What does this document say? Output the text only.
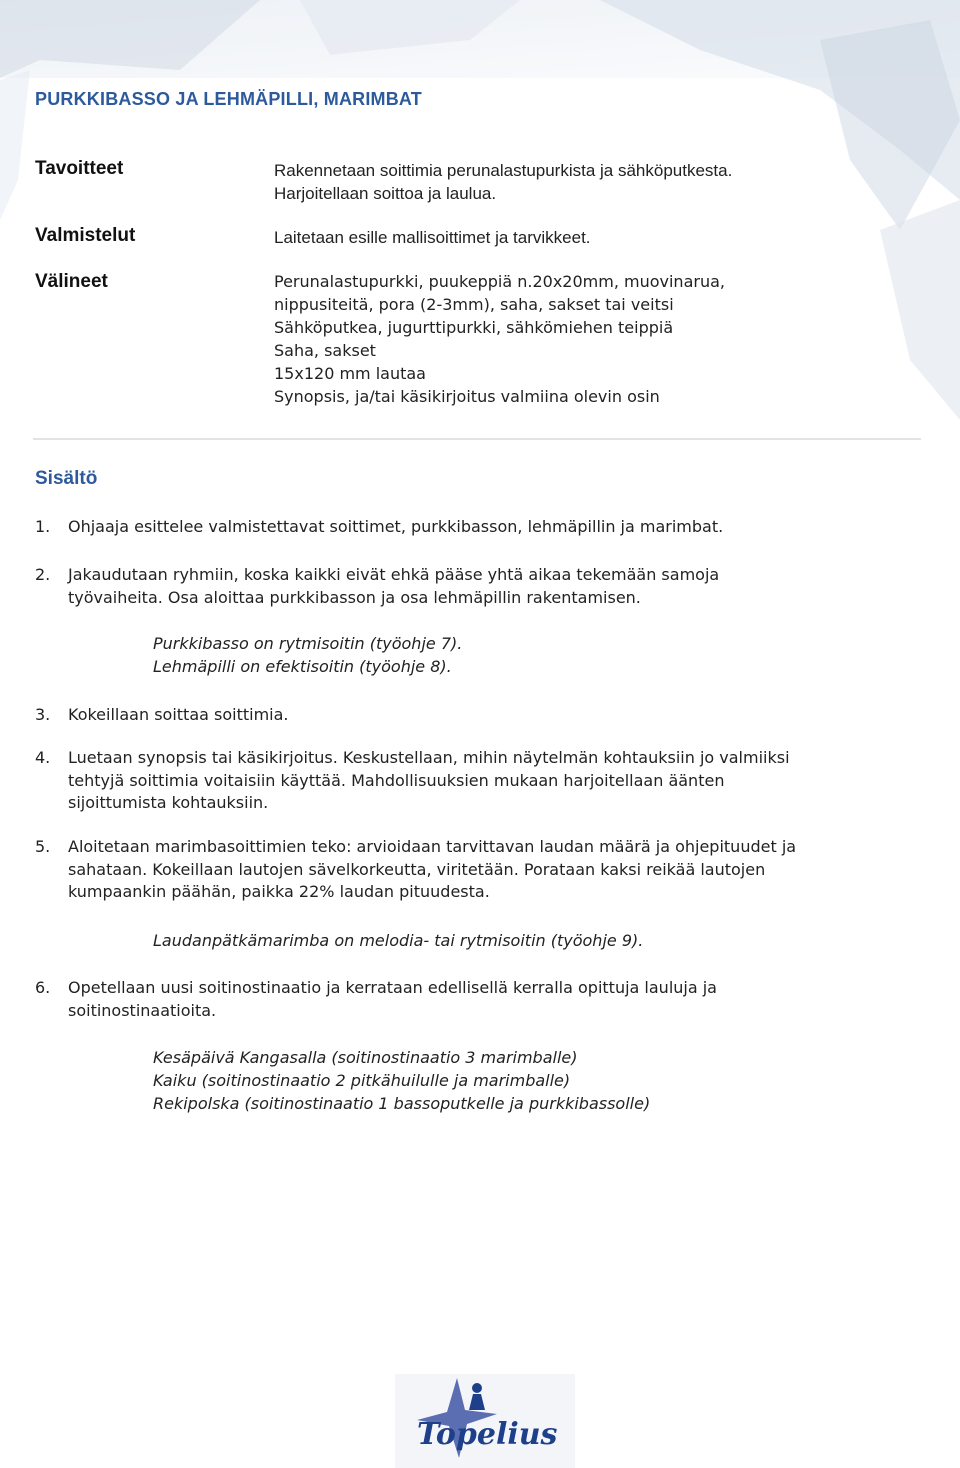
PURKKIBASSO JA LEHMÄPILLI, MARIMBAT
Tavoitteet	Rakennetaan soittimia perunalastupurkista ja sähköputkesta.
Harjoitellaan soittoa ja laulua.
Valmistelut	Laitetaan esille mallisoittimet ja tarvikkeet.
Välineet	Perunalastupurkki, puukeppiä n.20x20mm, muovinarua,
nippusiteitä, pora (2-3mm), saha, sakset tai veitsi
Sähköputkea, jugurttipurkki, sähkömiehen teippiä
Saha, sakset
15x120 mm lautaa
Synopsis, ja/tai käsikirjoitus valmiina olevin osin
Sisältö
1. Ohjaaja esittelee valmistettavat soittimet, purkkibasson, lehmäpillin ja marimbat.
2. Jakaudutaan ryhmiin, koska kaikki eivät ehkä pääse yhtä aikaa tekemään samoja
työvaiheita. Osa aloittaa purkkibasson ja osa lehmäpillin rakentamisen.
Purkkibasso on rytmisoitin (työohje 7).
Lehmäpilli on efektisoitin (työohje 8).
3. Kokeillaan soittaa soittimia.
4. Luetaan synopsis tai käsikirjoitus. Keskustellaan, mihin näytelmän kohtauksiin jo valmiiksi
tehtyjä soittimia voitaisiin käyttää. Mahdollisuuksien mukaan harjoitellaan äänten
sijoittumista kohtauksiin.
5. Aloitetaan marimbasoittimien teko: arvioidaan tarvittavan laudan määrä ja ohjepituudet ja
sahataan. Kokeillaan lautojen sävelkorkeutta, viritetään. Porataan kaksi reikää lautojen
kumpaankin päähän, paikka 22% laudan pituudesta.
Laudanpätkämarimba on melodia- tai rytmisoitin (työohje 9).
6. Opetellaan uusi soitinostinaatio ja kerrataan edellisellä kerralla opittuja lauluja ja
soitinostinaatioita.
Kesäpäivä Kangasalla (soitinostinaatio 3 marimballe)
Kaiku (soitinostinaatio 2 pitkähuilulle ja marimballe)
Rekipolska (soitinostinaatio 1 bassoputkelle ja purkkibassolle)
Topelius
